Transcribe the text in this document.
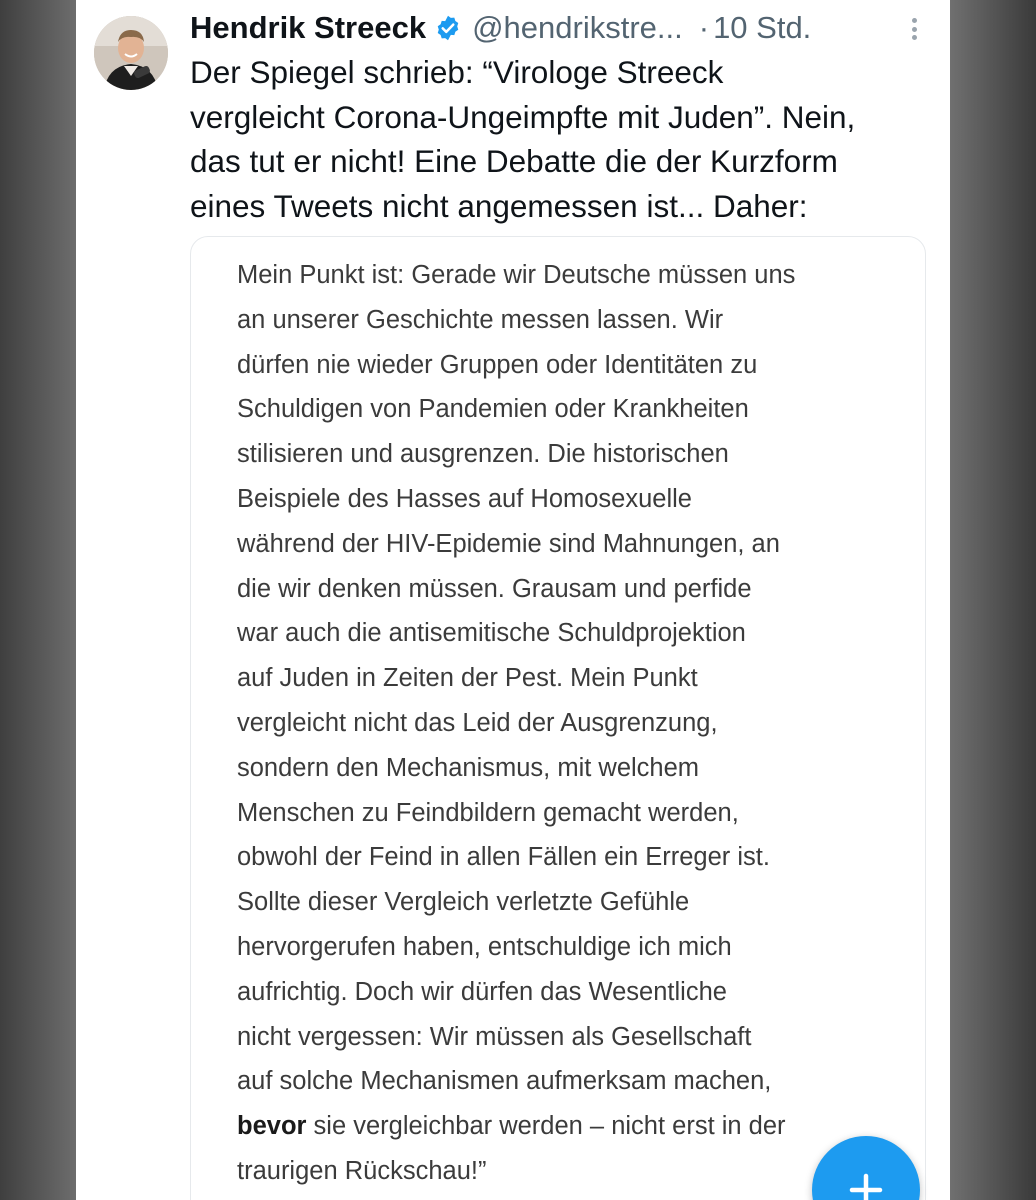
Hendrik Streeck @hendrikstre... · 10 Std.

Der Spiegel schrieb: “Virologe Streeck
vergleicht Corona-Ungeimpfte mit Juden”. Nein,
das tut er nicht! Eine Debatte die der Kurzform
eines Tweets nicht angemessen ist... Daher:

Mein Punkt ist: Gerade wir Deutsche müssen uns
an unserer Geschichte messen lassen. Wir
dürfen nie wieder Gruppen oder Identitäten zu
Schuldigen von Pandemien oder Krankheiten
stilisieren und ausgrenzen. Die historischen
Beispiele des Hasses auf Homosexuelle
während der HIV-Epidemie sind Mahnungen, an
die wir denken müssen. Grausam und perfide
war auch die antisemitische Schuldprojektion
auf Juden in Zeiten der Pest. Mein Punkt
vergleicht nicht das Leid der Ausgrenzung,
sondern den Mechanismus, mit welchem
Menschen zu Feindbildern gemacht werden,
obwohl der Feind in allen Fällen ein Erreger ist.
Sollte dieser Vergleich verletzte Gefühle
hervorgerufen haben, entschuldige ich mich
aufrichtig. Doch wir dürfen das Wesentliche
nicht vergessen: Wir müssen als Gesellschaft
auf solche Mechanismen aufmerksam machen,
bevor sie vergleichbar werden – nicht erst in der
traurigen Rückschau!”
